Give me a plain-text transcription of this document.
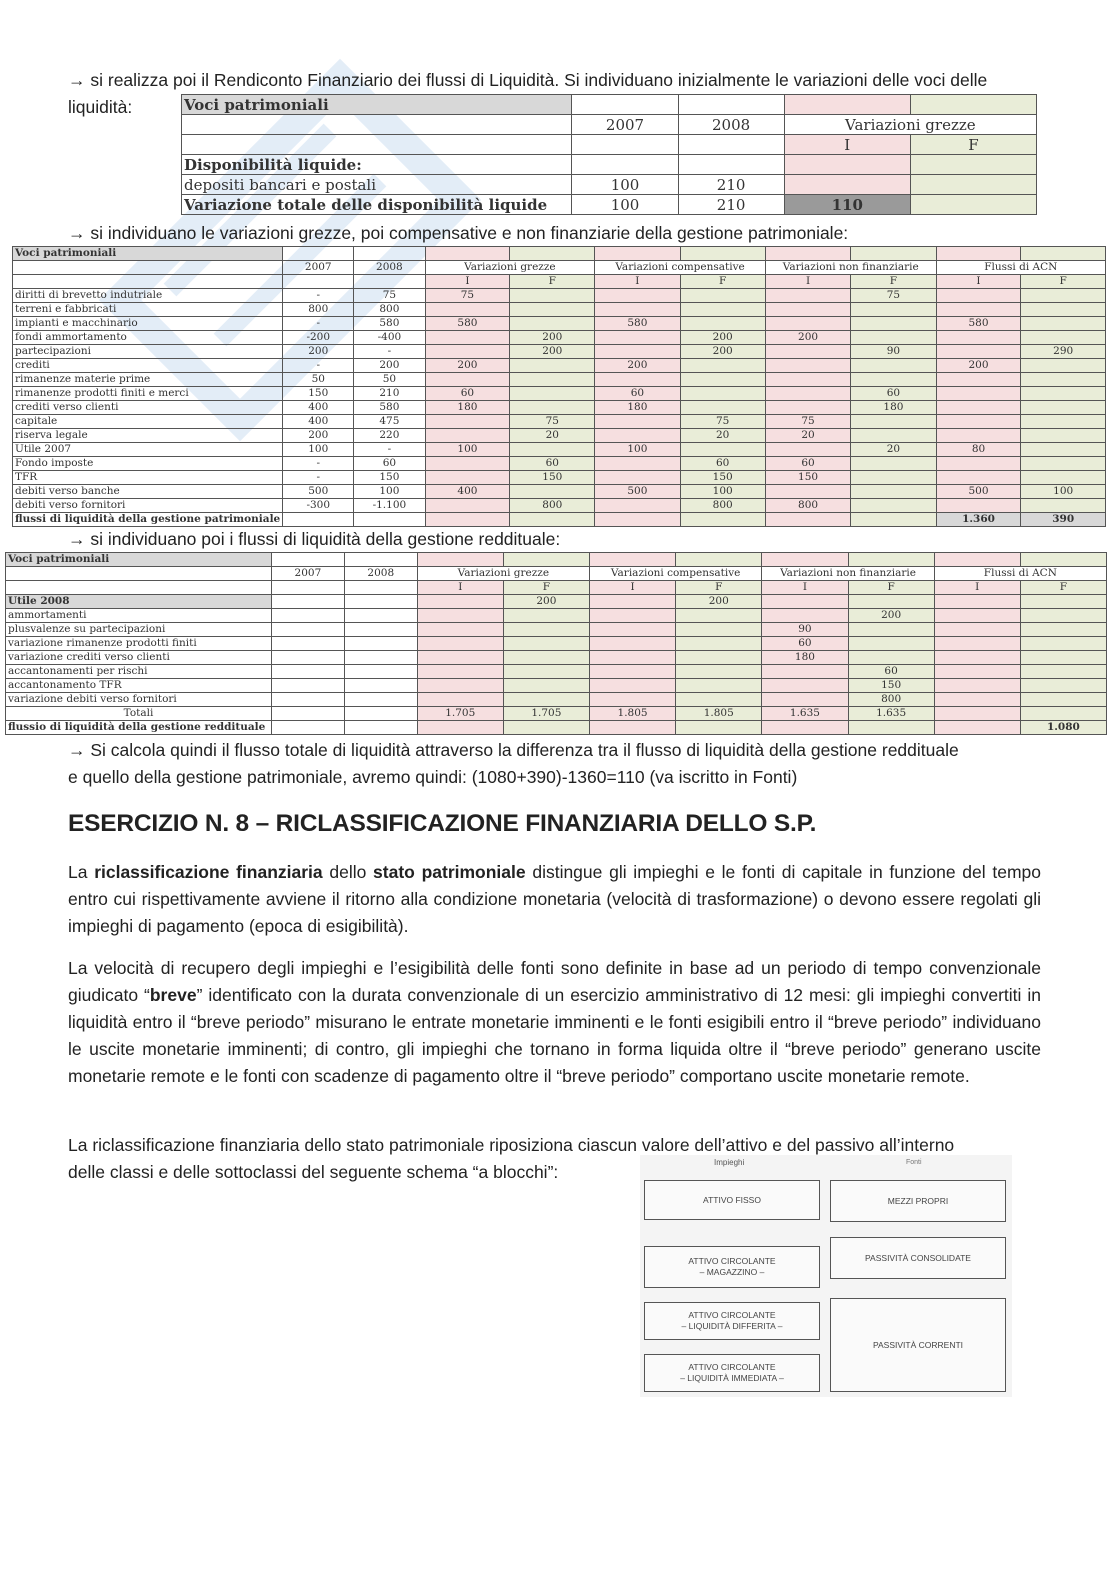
→ si realizza poi il Rendiconto Finanziario dei flussi di Liquidità. Si individuano inizialmente le variazioni delle voci delle
liquidità:	Voci patrimoniali				
	2007	2008	Variazioni grezze	
			I	F
Disponibilità liquide:				
depositi bancari e postali	100	210		
Variazione totale delle disponibilità liquide	100	210	110	
→ si individuano le variazioni grezze, poi compensative e non finanziarie della gestione patrimoniale:
Voci patrimoniali										
	2007	2008	Variazioni grezze		Variazioni compensative		Variazioni non finanziarie		Flussi di ACN	
			I	F	I	F	I	F	I	F
diritti di brevetto indutriale	-	75	75					75		
terreni e fabbricati	800	800								
impianti e macchinario	-	580	580		580				580	
fondi ammortamento	-200	-400		200		200	200			
partecipazioni	200	-		200		200		90		290
crediti	-	200	200		200				200	
rimanenze materie prime	50	50								
rimanenze prodotti finiti e merci	150	210	60		60			60		
crediti verso clienti	400	580	180		180			180		
capitale	400	475		75		75	75			
riserva legale	200	220		20		20	20			
Utile 2007	100	-	100		100			20	80	
Fondo imposte	-	60		60		60	60			
TFR	-	150		150		150	150			
debiti verso banche	500	100	400		500	100			500	100
debiti verso fornitori	-300	-1.100		800		800	800			
flussi di liquidità della gestione patrimoniale									1.360	390
→ si individuano poi i flussi di liquidità della gestione reddituale:
Voci patrimoniali										
	2007	2008	Variazioni grezze		Variazioni compensative		Variazioni non finanziarie		Flussi di ACN	
			I	F	I	F	I	F	I	F
Utile 2008				200		200				
ammortamenti								200		
plusvalenze su partecipazioni							90			
variazione rimanenze prodotti finiti							60			
variazione crediti verso clienti							180			
accantonamenti per rischi								60		
accantonamento TFR								150		
variazione debiti verso fornitori								800		
Totali			1.705	1.705	1.805	1.805	1.635	1.635		
flussio di liquidità della gestione reddituale										1.080
→ Si calcola quindi il flusso totale di liquidità attraverso la differenza tra il flusso di liquidità della gestione reddituale
e quello della gestione patrimoniale, avremo quindi: (1080+390)-1360=110 (va iscritto in Fonti)
ESERCIZIO N. 8 – RICLASSIFICAZIONE FINANZIARIA DELLO S.P.
La riclassificazione finanziaria dello stato patrimoniale distingue gli impieghi e le fonti di capitale in funzione del tempo entro cui rispettivamente avviene il ritorno alla condizione monetaria (velocità di trasformazione) o devono essere regolati gli impieghi di pagamento (epoca di esigibilità).
La velocità di recupero degli impieghi e l’esigibilità delle fonti sono definite in base ad un periodo di tempo convenzionale giudicato “breve” identificato con la durata convenzionale di un esercizio amministrativo di 12 mesi: gli impieghi convertiti in liquidità entro il “breve periodo” misurano le entrate monetarie imminenti e le fonti esigibili entro il “breve periodo” individuano le uscite monetarie imminenti; di contro, gli impieghi che tornano in forma liquida oltre il “breve periodo” generano uscite monetarie remote e le fonti con scadenze di pagamento oltre il “breve periodo” comportano uscite monetarie remote.
La riclassificazione finanziaria dello stato patrimoniale riposiziona ciascun valore dell’attivo e del passivo all’interno
delle classi e delle sottoclassi del seguente schema “a blocchi”:	Impieghi	Fonti
ATTIVO FISSO	MEZZI PROPRI
ATTIVO CIRCOLANTE
– MAGAZZINO –
PASSIVITÀ CONSOLIDATE
ATTIVO CIRCOLANTE
– LIQUIDITÀ DIFFERITA –
PASSIVITÀ CORRENTI
ATTIVO CIRCOLANTE
– LIQUIDITÀ IMMEDIATA –
